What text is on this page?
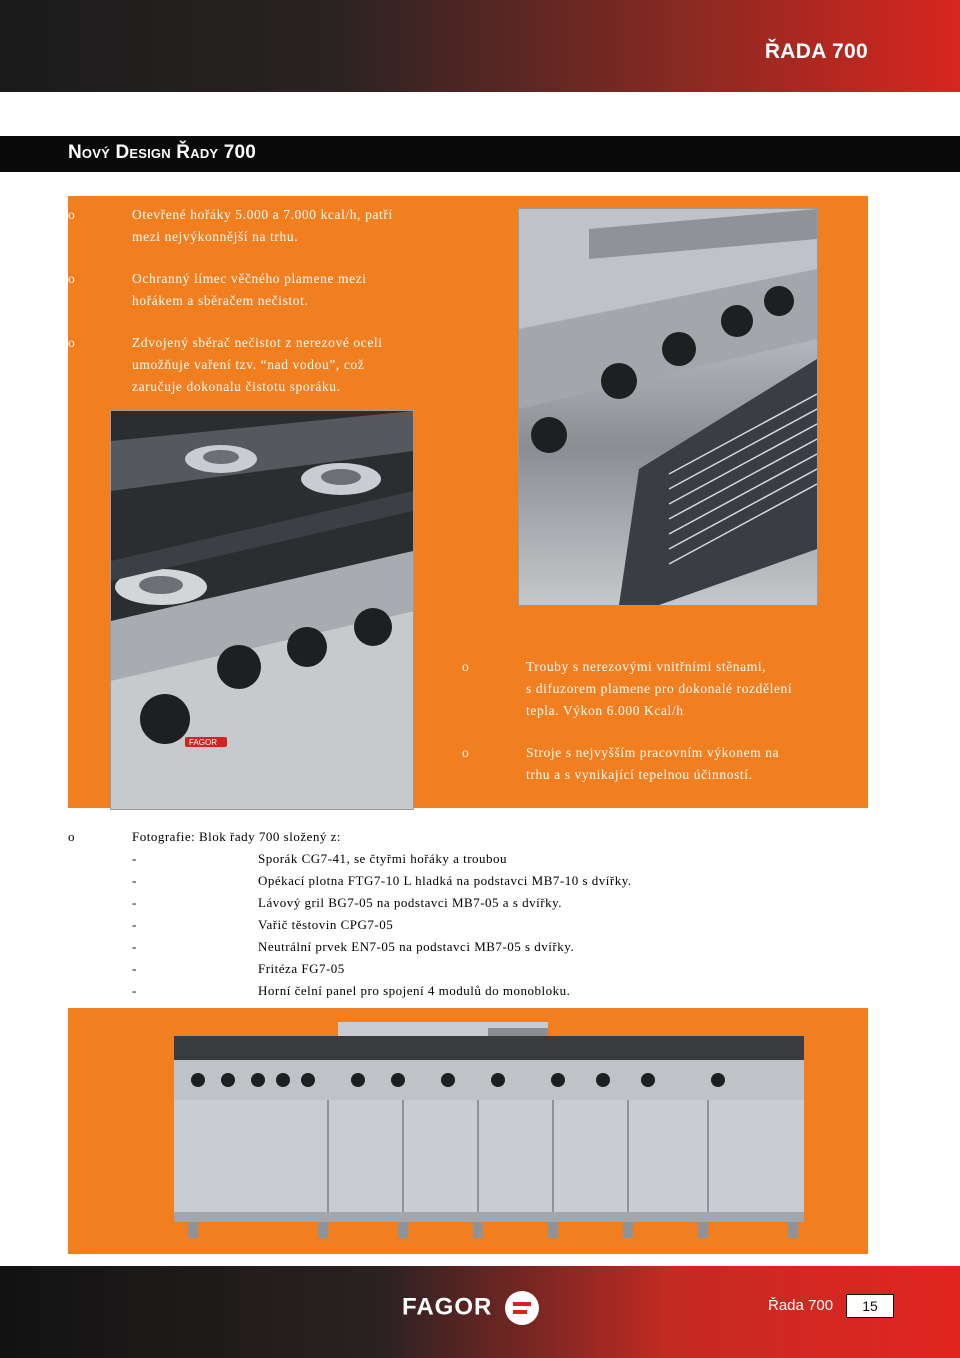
ŘADA 700
Nový Design Řady 700
o	Otevřené hořáky 5.000 a 7.000 kcal/h, patří
mezi nejvýkonnější na trhu.
o	Ochranný límec věčného plamene mezi
hořákem a sběračem nečistot.
o	Zdvojený sběrač nečistot z nerezové oceli
umožňuje vaření tzv. “nad vodou”, což
zaručuje dokonalu čistotu sporáku.
FAGOR
o	Trouby s nerezovými vnitřními stěnami,
s difuzorem plamene pro dokonalé rozdělení
tepla. Výkon 6.000 Kcal/h
o	Stroje s nejvyšším pracovním výkonem na
trhu a s vynikající tepelnou účinností.
o	Fotografie: Blok řady 700 složený z:
-	Sporák CG7-41, se čtyřmi hořáky a troubou
-	Opékací plotna FTG7-10 L hladká na podstavci MB7-10 s dvířky.
-	Lávový gril BG7-05 na podstavci MB7-05 a s dvířky.
-	Vařič těstovin CPG7-05
-	Neutrální prvek EN7-05 na podstavci MB7-05 s dvířky.
-	Fritéza FG7-05
-	Horní čelní panel pro spojení 4 modulů do monobloku.
FAGOR	Řada 700	15
